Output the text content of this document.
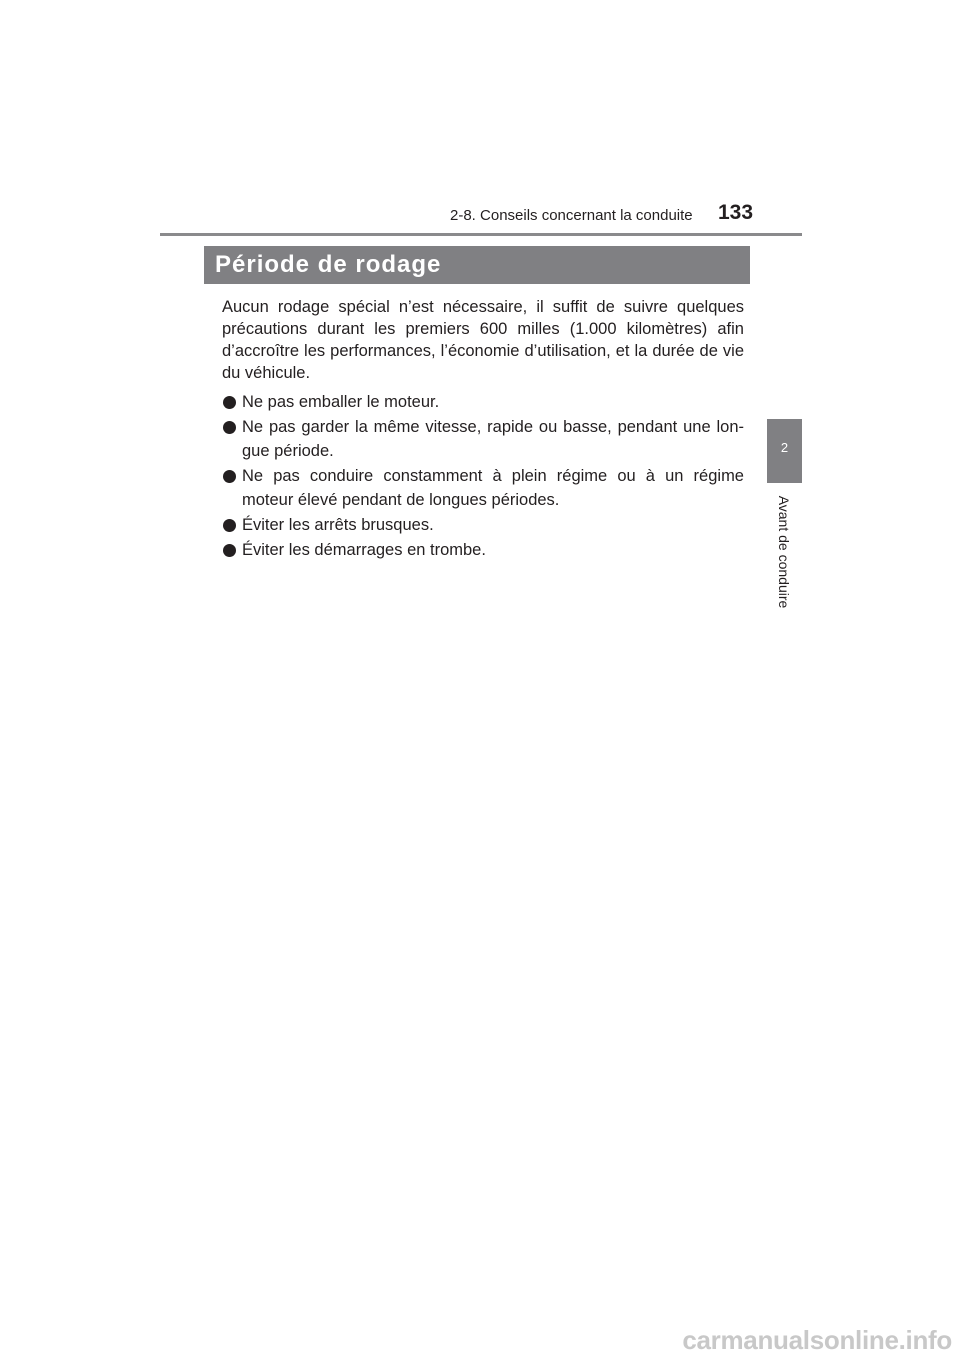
2-8. Conseils concernant la conduite 133
Période de rodage
2
Avant de conduire

Aucun rodage spécial n’est nécessaire, il suffit de suivre quelques précautions durant les premiers 600 milles (1.000 kilomètres) afin d’accroître les performances, l’économie d’utilisation, et la durée de vie du véhicule.

Ne pas emballer le moteur.
Ne pas garder la même vitesse, rapide ou basse, pendant une lon-gue période.
Ne pas conduire constamment à plein régime ou à un régime moteur élevé pendant de longues périodes.
Éviter les arrêts brusques.
Éviter les démarrages en trombe.
carmanualsonline.info
